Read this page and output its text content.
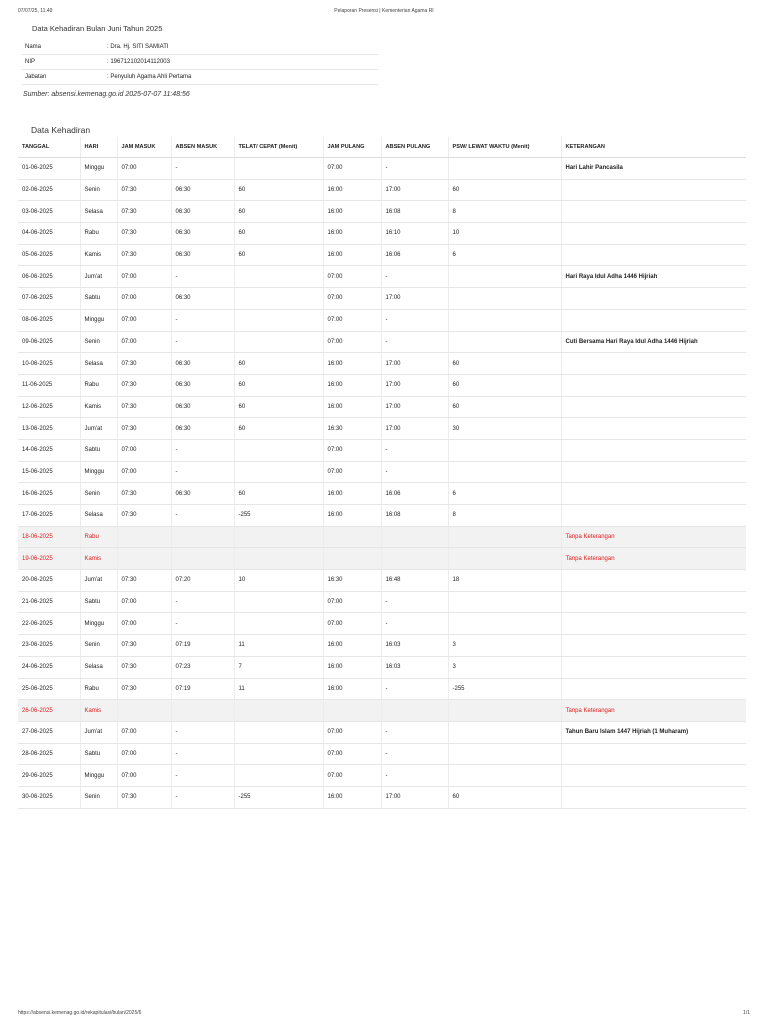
07/07/25, 11.49	Pelaporan Presensi | Kementerian Agama RI
Data Kehadiran Bulan Juni Tahun 2025
Nama	: Dra. Hj. SITI SAMIATI
NIP	: 196712102014112003
Jabatan	: Penyuluh Agama Ahli Pertama
Sumber: absensi.kemenag.go.id 2025-07-07 11:48:56
Data Kehadiran
TANGGAL	HARI	JAM MASUK	ABSEN MASUK	TELAT/ CEPAT (Menit)	JAM PULANG	ABSEN PULANG	PSW/ LEWAT WAKTU (Menit)	KETERANGAN
01-06-2025	Minggu	07:00	-		07:00	-		Hari Lahir Pancasila
02-06-2025	Senin	07:30	06:30	60	16:00	17:00	60	
03-06-2025	Selasa	07:30	06:30	60	16:00	16:08	8	
04-06-2025	Rabu	07:30	06:30	60	16:00	16:10	10	
05-06-2025	Kamis	07:30	06:30	60	16:00	16:06	6	
06-06-2025	Jum'at	07:00	-		07:00	-		Hari Raya Idul Adha 1446 Hijriah
07-06-2025	Sabtu	07:00	06:30		07:00	17:00		
08-06-2025	Minggu	07:00	-		07:00	-		
09-06-2025	Senin	07:00	-		07:00	-		Cuti Bersama Hari Raya Idul Adha 1446 Hijriah
10-06-2025	Selasa	07:30	06:30	60	16:00	17:00	60	
11-06-2025	Rabu	07:30	06:30	60	16:00	17:00	60	
12-06-2025	Kamis	07:30	06:30	60	16:00	17:00	60	
13-06-2025	Jum'at	07:30	06:30	60	16:30	17:00	30	
14-06-2025	Sabtu	07:00	-		07:00	-		
15-06-2025	Minggu	07:00	-		07:00	-		
16-06-2025	Senin	07:30	06:30	60	16:00	16:06	6	
17-06-2025	Selasa	07:30	-	-255	16:00	16:08	8	
18-06-2025	Rabu							Tanpa Keterangan
19-06-2025	Kamis							Tanpa Keterangan
20-06-2025	Jum'at	07:30	07:20	10	16:30	16:48	18	
21-06-2025	Sabtu	07:00	-		07:00	-		
22-06-2025	Minggu	07:00	-		07:00	-		
23-06-2025	Senin	07:30	07:19	11	16:00	16:03	3	
24-06-2025	Selasa	07:30	07:23	7	16:00	16:03	3	
25-06-2025	Rabu	07:30	07:19	11	16:00	-	-255	
26-06-2025	Kamis							Tanpa Keterangan
27-06-2025	Jum'at	07:00	-		07:00	-		Tahun Baru Islam 1447 Hijriah (1 Muharam)
28-06-2025	Sabtu	07:00	-		07:00	-		
29-06-2025	Minggu	07:00	-		07:00	-		
30-06-2025	Senin	07:30	-	-255	16:00	17:00	60	
https://absensi.kemenag.go.id/rekapitulasi/bulan/2025/6	1/1
